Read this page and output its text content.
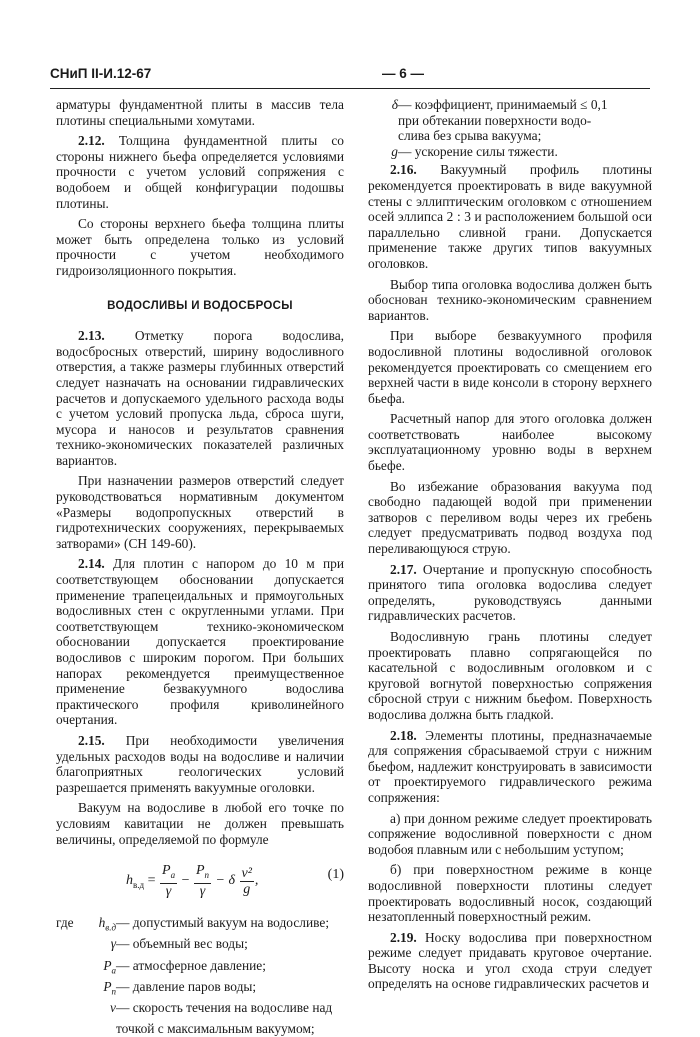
СНиП II-И.12-67	— 6 —

арматуры фундаментной плиты в массив тела плотины специальными хомутами.

2.12. Толщина фундаментной плиты со стороны нижнего бьефа определяется условиями прочности с учетом условий сопряжения с водобоем и общей конфигурации подошвы плотины.

Со стороны верхнего бьефа толщина плиты может быть определена только из условий прочности с учетом необходимого гидроизоляционного покрытия.

ВОДОСЛИВЫ И ВОДОСБРОСЫ

2.13. Отметку порога водослива, водосбросных отверстий, ширину водосливного отверстия, а также размеры глубинных отверстий следует назначать на основании гидравлических расчетов и допускаемого удельного расхода воды с учетом условий пропуска льда, сброса шуги, мусора и наносов и результатов сравнения технико-экономических показателей различных вариантов.

При назначении размеров отверстий следует руководствоваться нормативным документом «Размеры водопропускных отверстий в гидротехнических сооружениях, перекрываемых затворами» (СН 149-60).

2.14. Для плотин с напором до 10 м при соответствующем обосновании допускается применение трапецеидальных и прямоугольных водосливных стен с округленными углами. При соответствующем технико-экономическом обосновании допускается проектирование водосливов с широким порогом. При больших напорах рекомендуется преимущественное применение безвакуумного водослива практического профиля криволинейного очертания.

2.15. При необходимости увеличения удельных расходов воды на водосливе и наличии благоприятных геологических условий разрешается применять вакуумные оголовки.

Вакуум на водосливе в любой его точке по условиям кавитации не должен превышать величины, определяемой по формуле

$h_{в.д} = \frac{P_a}{\gamma} - \frac{P_п}{\gamma} - \delta \frac{\text{v²}}{g}$ ,	(1)
где	$h_{в.д}$ — допустимый вакуум на водосливе;
γ — объемный вес воды;
$P_а$ — атмосферное давление;
$P_п$ — давление паров воды;
v — скорость течения на водосливе над
точкой с максимальным вакуумом;
δ — коэффициент, принимаемый ≤ 0,1
при обтекании поверхности водо-
слива без срыва вакуума;
g — ускорение силы тяжести.

2.16. Вакуумный профиль плотины рекомендуется проектировать в виде вакуумной стены с эллиптическим оголовком с отношением осей эллипса 2 : 3 и расположением большой оси параллельно сливной грани. Допускается применение также других типов вакуумных оголовков.

Выбор типа оголовка водослива должен быть обоснован технико-экономическим сравнением вариантов.

При выборе безвакуумного профиля водосливной плотины водосливной оголовок рекомендуется проектировать со смещением его верхней части в виде консоли в сторону верхнего бьефа.

Расчетный напор для этого оголовка должен соответствовать наиболее высокому эксплуатационному уровню воды в верхнем бьефе.

Во избежание образования вакуума под свободно падающей водой при применении затворов с переливом воды через их гребень следует предусматривать подвод воздуха под переливающуюся струю.

2.17. Очертание и пропускную способность принятого типа оголовка водослива следует определять, руководствуясь данными гидравлических расчетов.

Водосливную грань плотины следует проектировать плавно сопрягающейся по касательной с водосливным оголовком и с круговой вогнутой поверхностью сопряжения сбросной струи с нижним бьефом. Поверхность водослива должна быть гладкой.

2.18. Элементы плотины, предназначаемые для сопряжения сбрасываемой струи с нижним бьефом, надлежит конструировать в зависимости от проектируемого гидравлического режима сопряжения:

а) при донном режиме следует проектировать сопряжение водосливной поверхности с дном водобоя плавным или с небольшим уступом;

б) при поверхностном режиме в конце водосливной поверхности плотины следует проектировать водосливный носок, создающий незатопленный поверхностный режим.

2.19. Носку водослива при поверхностном режиме следует придавать круговое очертание. Высоту носка и угол схода струи следует определять на основе гидравлических расчетов и
